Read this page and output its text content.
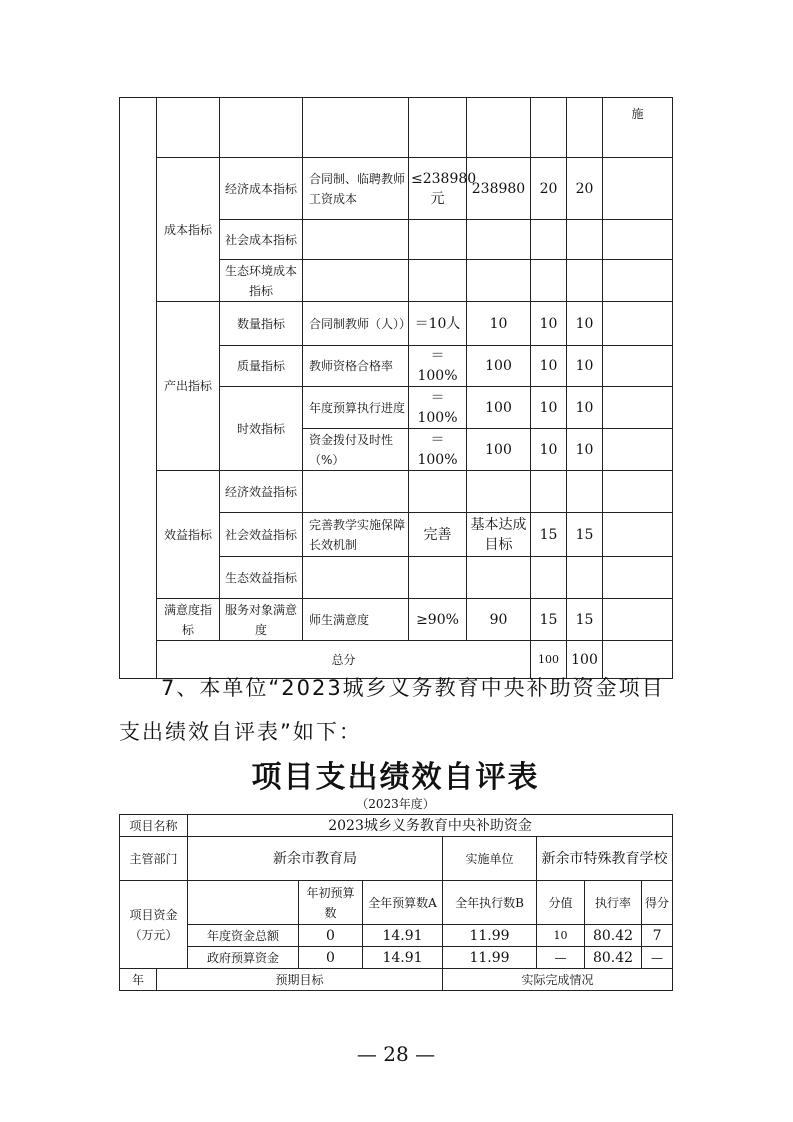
								施
	成本指标	经济成本指标	合同制、临聘教师工资成本	≤238980元	238980	20	20	
		社会成本指标						
		生态环境成本指标						
	产出指标	数量指标	合同制教师（人））	＝10人	10	10	10	
		质量指标	教师资格合格率	＝100%	100	10	10	
		时效指标	年度预算执行进度	＝100%	100	10	10	
			资金拨付及时性（%）	＝100%	100	10	10	
	效益指标	经济效益指标						
		社会效益指标	完善教学实施保障长效机制	完善	基本达成目标	15	15	
		生态效益指标						
	满意度指标	服务对象满意度	师生满意度	≥90%	90	15	15	
	总分					100	100	
7、本单位“2023城乡义务教育中央补助资金项目支出绩效自评表”如下：
项目支出绩效自评表
（2023年度）
项目名称		2023城乡义务教育中央补助资金						
主管部门		新余市教育局			实施单位	新余市特殊教育学校		
项目资金（万元）			年初预算数	全年预算数A	全年执行数B	分值	执行率	得分
		年度资金总额	0	14.91	11.99	10	80.42	7
		政府预算资金	0	14.91	11.99	—	80.42	—
年	预期目标				实际完成情况			
— 28 —
